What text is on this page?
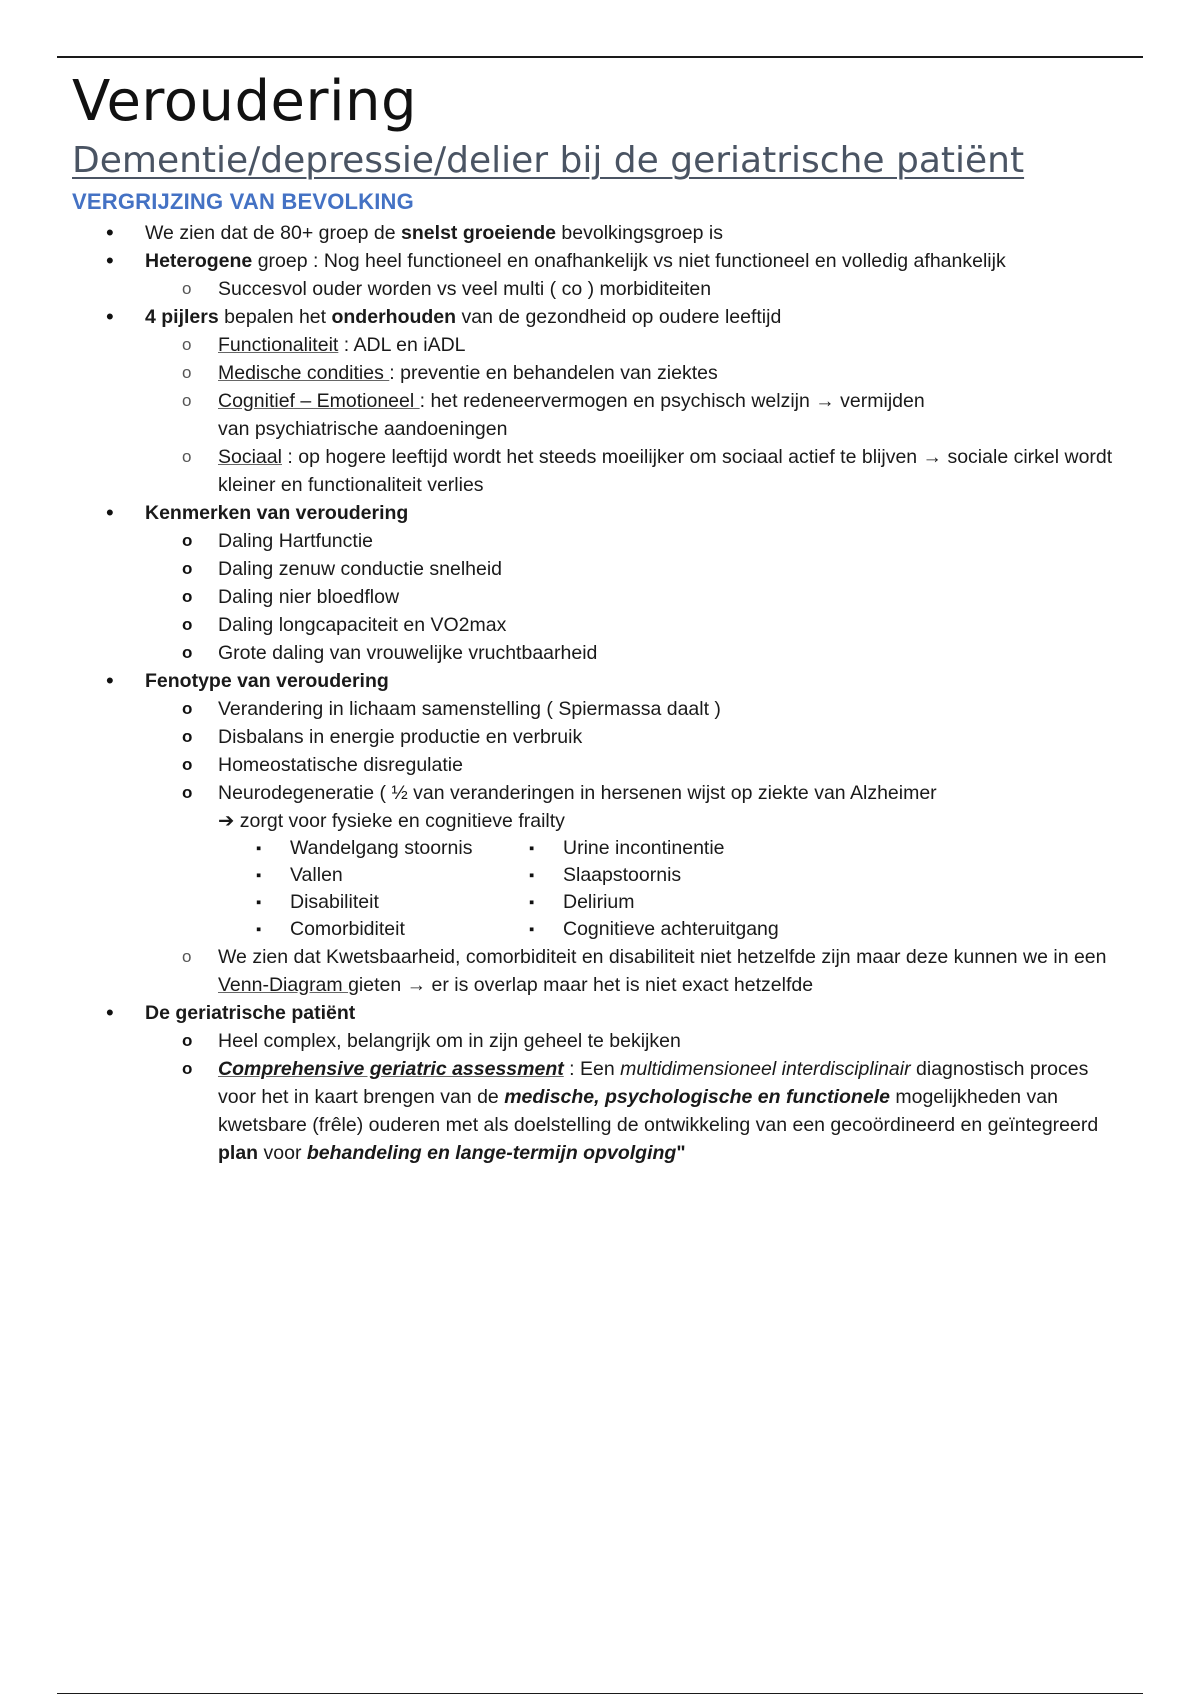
Veroudering
Dementie/depressie/delier bij de geriatrische patiënt
VERGRIJZING VAN BEVOLKING
• We zien dat de 80+ groep de snelst groeiende bevolkingsgroep is
• Heterogene groep : Nog heel functioneel en onafhankelijk vs niet functioneel en volledig afhankelijk
o Succesvol ouder worden vs veel multi ( co ) morbiditeiten
• 4 pijlers bepalen het onderhouden van de gezondheid op oudere leeftijd
o Functionaliteit : ADL en iADL
o Medische condities : preventie en behandelen van ziektes
o Cognitief – Emotioneel : het redeneervermogen en psychisch welzijn → vermijden van psychiatrische aandoeningen
o Sociaal : op hogere leeftijd wordt het steeds moeilijker om sociaal actief te blijven → sociale cirkel wordt kleiner en functionaliteit verlies
• Kenmerken van veroudering
o Daling Hartfunctie
o Daling zenuw conductie snelheid
o Daling nier bloedflow
o Daling longcapaciteit en VO2max
o Grote daling van vrouwelijke vruchtbaarheid
• Fenotype van veroudering
o Verandering in lichaam samenstelling ( Spiermassa daalt )
o Disbalans in energie productie en verbruik
o Homeostatische disregulatie
o Neurodegeneratie ( ½ van veranderingen in hersenen wijst op ziekte van Alzheimer
➔ zorgt voor fysieke en cognitieve frailty
▪ Wandelgang stoornis
▪ Vallen
▪ Disabiliteit
▪ Comorbiditeit
▪ Urine incontinentie
▪ Slaapstoornis
▪ Delirium
▪ Cognitieve achteruitgang
o We zien dat Kwetsbaarheid, comorbiditeit en disabiliteit niet hetzelfde zijn maar deze kunnen we in een Venn-Diagram gieten → er is overlap maar het is niet exact hetzelfde
• De geriatrische patiënt
o Heel complex, belangrijk om in zijn geheel te bekijken
o Comprehensive geriatric assessment : Een multidimensioneel interdisciplinair diagnostisch proces voor het in kaart brengen van de medische, psychologische en functionele mogelijkheden van kwetsbare (frêle) ouderen met als doelstelling de ontwikkeling van een gecoördineerd en geïntegreerd plan voor behandeling en lange-termijn opvolging"
